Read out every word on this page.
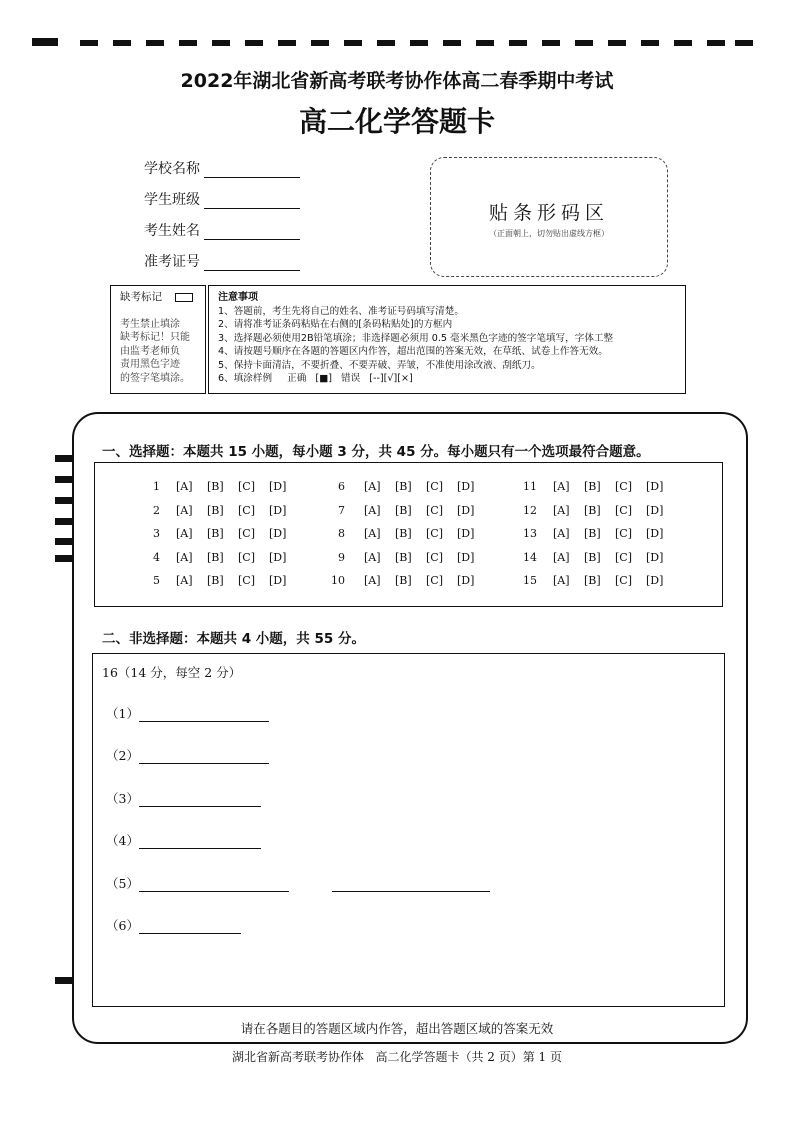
2022年湖北省新高考联考协作体高二春季期中考试
高二化学答题卡
学校名称
学生班级
考生姓名
准考证号
贴条形码区
（正面朝上，切勿贴出虚线方框）
缺考标记
考生禁止填涂
缺考标记！只能
由监考老师负
责用黑色字迹
的签字笔填涂。
注意事项
1、答题前，考生先将自己的姓名、准考证号码填写清楚。
2、请将准考证条码粘贴在右侧的[条码粘贴处]的方框内
3、选择题必须使用2B铅笔填涂；非选择题必须用 0.5 毫米黑色字迹的签字笔填写，字体工整
4、请按题号顺序在各题的答题区内作答，超出范围的答案无效，在草纸、试卷上作答无效。
5、保持卡面清洁，不要折叠、不要弄破、弄皱，不准使用涂改液、刮纸刀。
6、填涂样例 正确 [■] 错误 [--][√][×]
一、选择题：本题共 15 小题，每小题 3 分，共 45 分。每小题只有一个选项最符合题意。
1 [A] [B] [C] [D]
2 [A] [B] [C] [D]
3 [A] [B] [C] [D]
4 [A] [B] [C] [D]
5 [A] [B] [C] [D]
6 [A] [B] [C] [D]
7 [A] [B] [C] [D]
8 [A] [B] [C] [D]
9 [A] [B] [C] [D]
10 [A] [B] [C] [D]
11 [A] [B] [C] [D]
12 [A] [B] [C] [D]
13 [A] [B] [C] [D]
14 [A] [B] [C] [D]
15 [A] [B] [C] [D]
二、非选择题：本题共 4 小题，共 55 分。
16（14 分，每空 2 分）
（1）
（2）
（3）
（4）
（5）
（6）
请在各题目的答题区域内作答，超出答题区域的答案无效
湖北省新高考联考协作体   高二化学答题卡（共 2 页）第 1 页
